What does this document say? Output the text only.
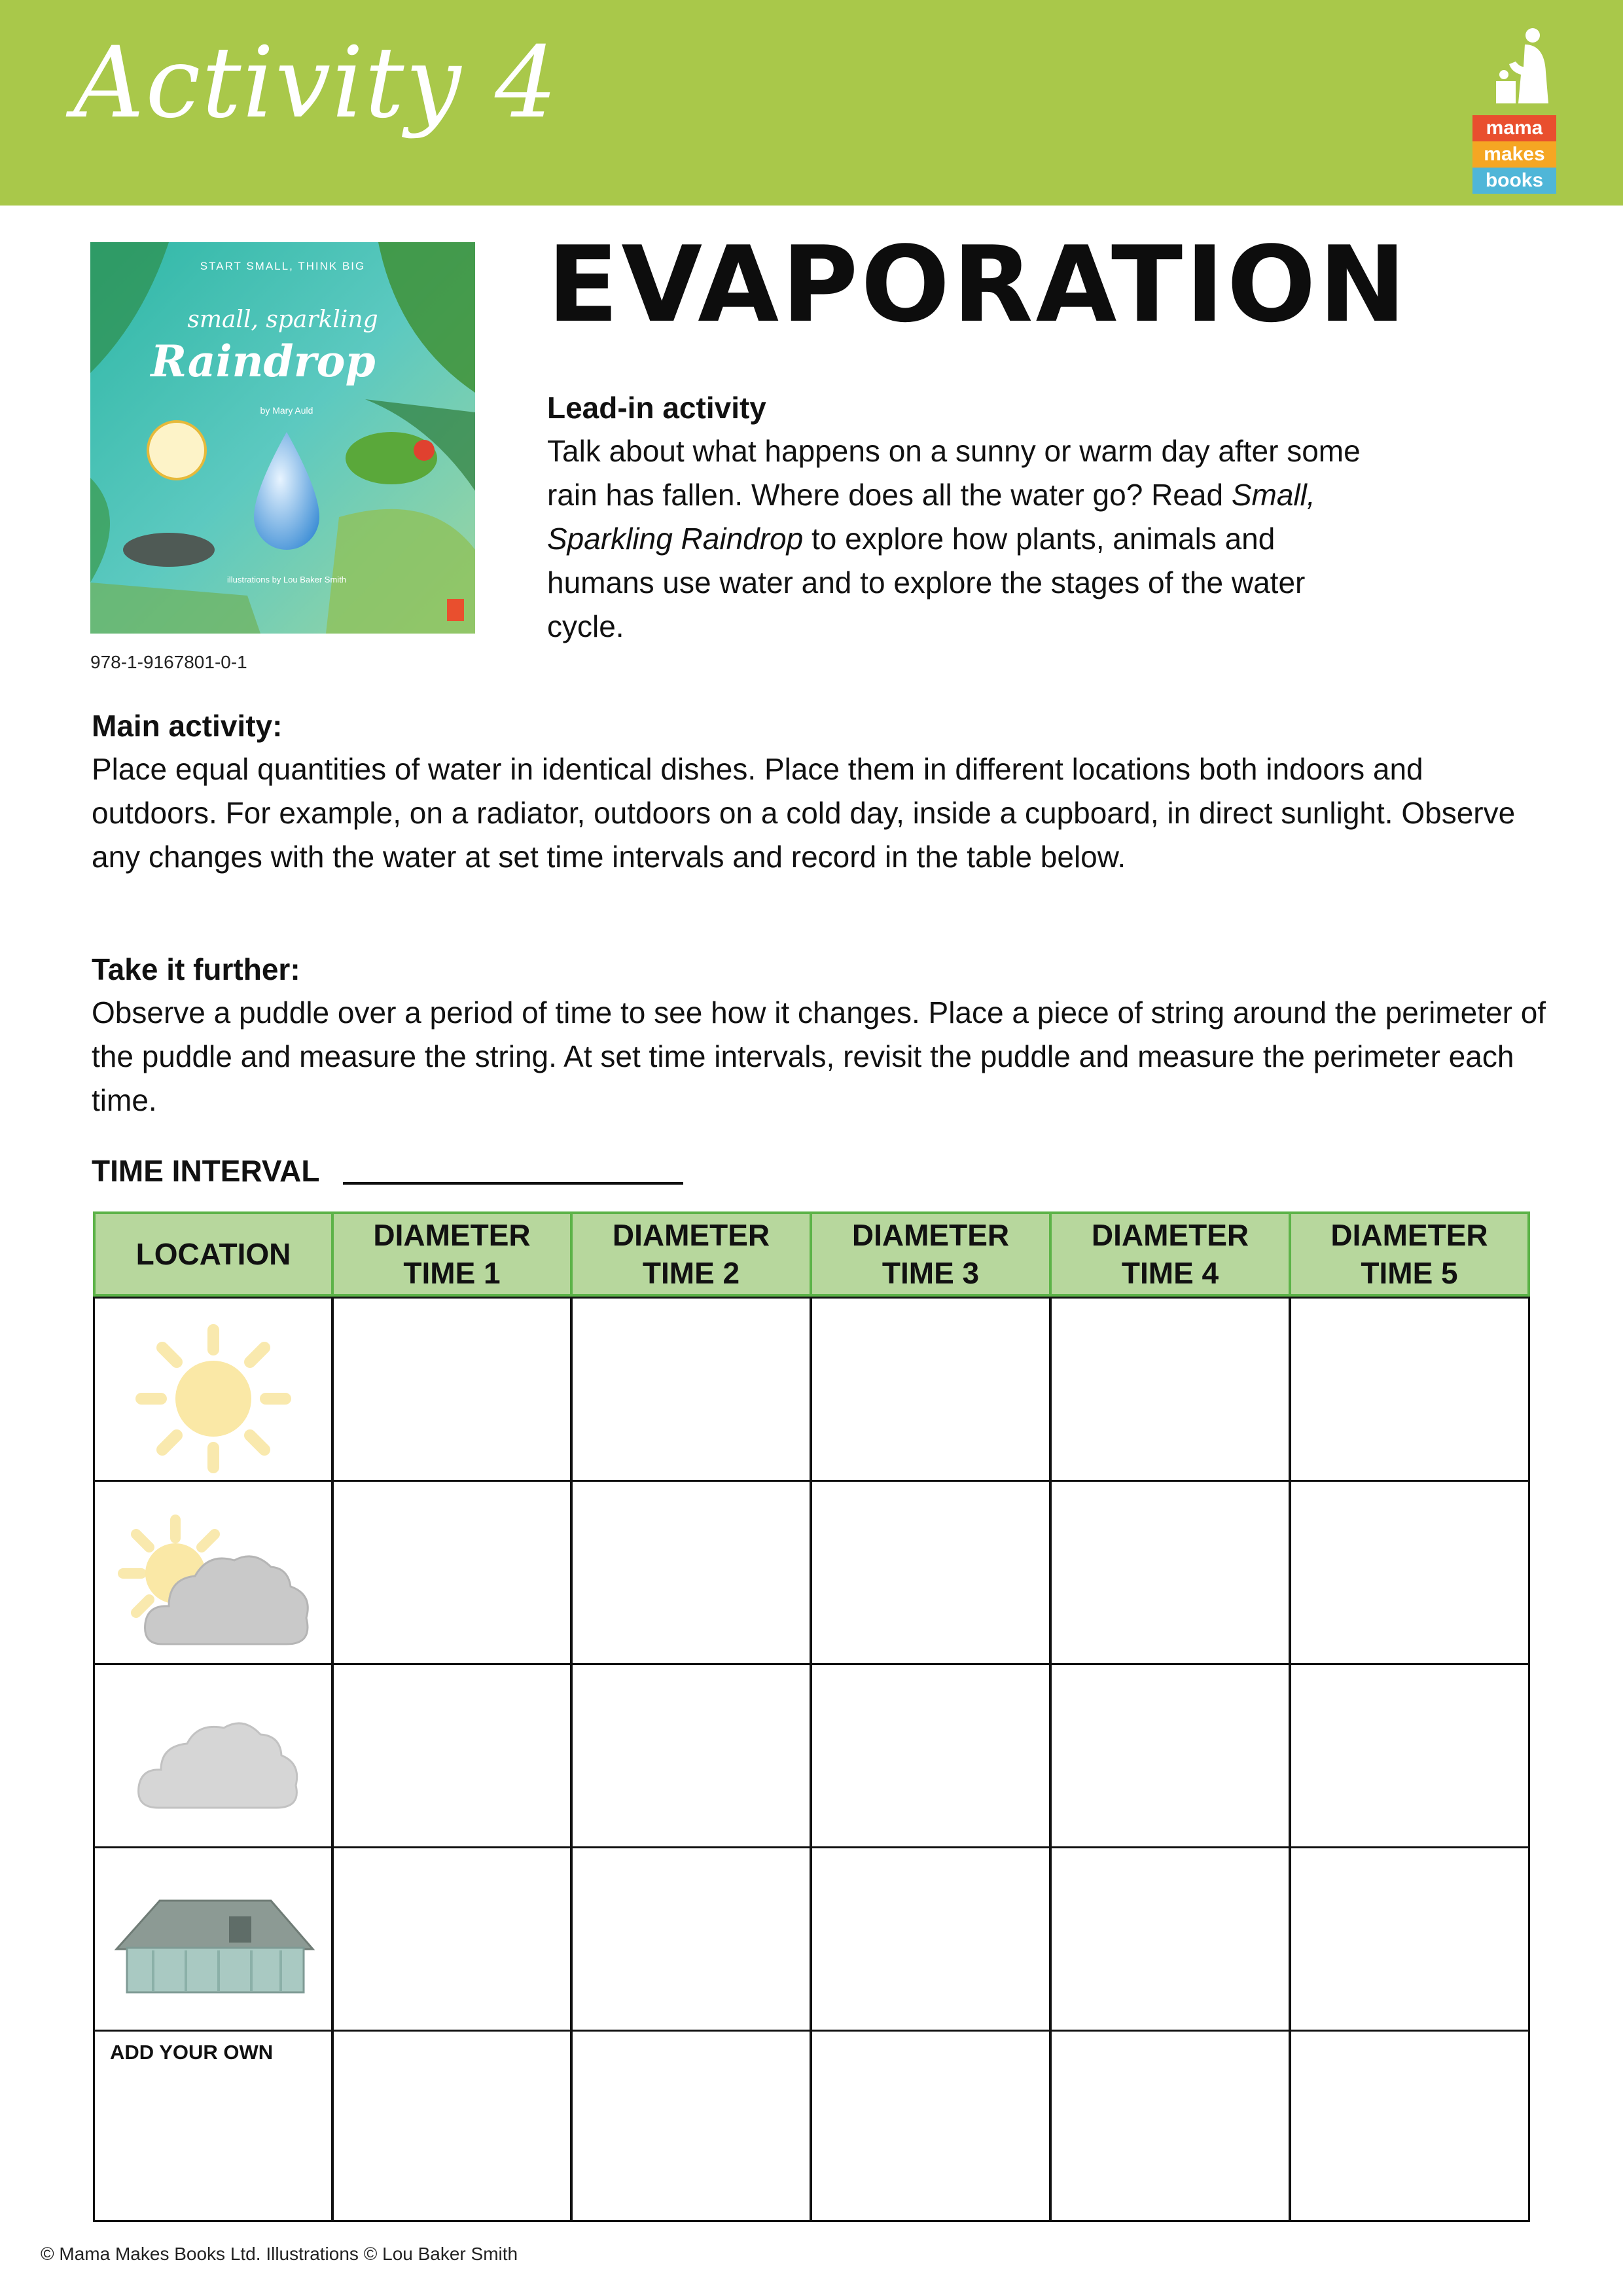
Activity 4	mama
makes
books
START SMALL, THINK BIG
small, sparkling
Raindrop
by Mary Auld
illustrations by Lou Baker Smith
978-1-9167801-0-1
EVAPORATION
Lead-in activity
Talk about what happens on a sunny or warm day after some rain has fallen. Where does all the water go? Read Small, Sparkling Raindrop to explore how plants, animals and humans use water and to explore the stages of the water cycle.
Main activity:
Place equal quantities of water in identical dishes. Place them in different locations both indoors and outdoors. For example, on a radiator, outdoors on a cold day, inside a cupboard, in direct sunlight. Observe any changes with the water at set time intervals and record in the table below.
Take it further:
Observe a puddle over a period of time to see how it changes. Place a piece of string around the perimeter of the puddle and measure the string. At set time intervals, revisit the puddle and measure the perimeter each time.
TIME INTERVAL
LOCATION
DIAMETER TIME 1
DIAMETER TIME 2
DIAMETER TIME 3
DIAMETER TIME 4
DIAMETER TIME 5
ADD YOUR OWN
© Mama Makes Books Ltd. Illustrations © Lou Baker Smith
